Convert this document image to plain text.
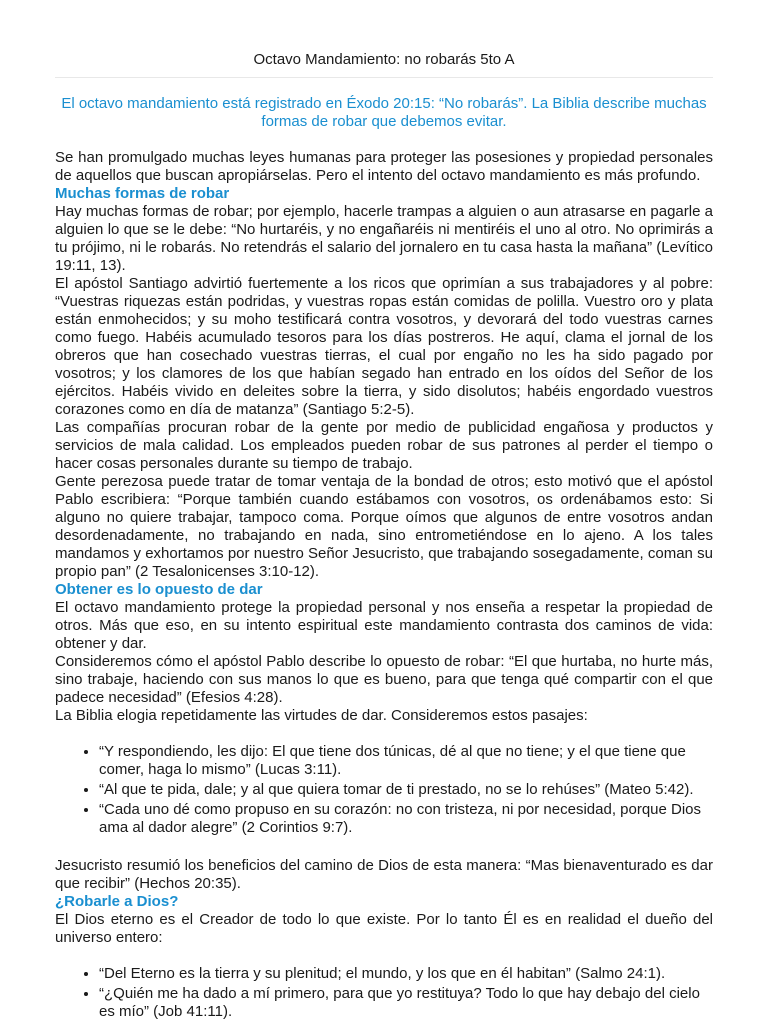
Octavo Mandamiento: no robarás 5to A
El octavo mandamiento está registrado en Éxodo 20:15: “No robarás”. La Biblia describe muchas formas de robar que debemos evitar.

Se han promulgado muchas leyes humanas para proteger las posesiones y propiedad personales de aquellos que buscan apropiárselas. Pero el intento del octavo mandamiento es más profundo.

Muchas formas de robar

Hay muchas formas de robar; por ejemplo, hacerle trampas a alguien o aun atrasarse en pagarle a alguien lo que se le debe: “No hurtaréis, y no engañaréis ni mentiréis el uno al otro. No oprimirás a tu prójimo, ni le robarás. No retendrás el salario del jornalero en tu casa hasta la mañana” (Levítico 19:11, 13).

El apóstol Santiago advirtió fuertemente a los ricos que oprimían a sus trabajadores y al pobre: “Vuestras riquezas están podridas, y vuestras ropas están comidas de polilla. Vuestro oro y plata están enmohecidos; y su moho testificará contra vosotros, y devorará del todo vuestras carnes como fuego. Habéis acumulado tesoros para los días postreros. He aquí, clama el jornal de los obreros que han cosechado vuestras tierras, el cual por engaño no les ha sido pagado por vosotros; y los clamores de los que habían segado han entrado en los oídos del Señor de los ejércitos. Habéis vivido en deleites sobre la tierra, y sido disolutos; habéis engordado vuestros corazones como en día de matanza” (Santiago 5:2-5).

Las compañías procuran robar de la gente por medio de publicidad engañosa y productos y servicios de mala calidad. Los empleados pueden robar de sus patrones al perder el tiempo o hacer cosas personales durante su tiempo de trabajo.

Gente perezosa puede tratar de tomar ventaja de la bondad de otros; esto motivó que el apóstol Pablo escribiera: “Porque también cuando estábamos con vosotros, os ordenábamos esto: Si alguno no quiere trabajar, tampoco coma. Porque oímos que algunos de entre vosotros andan desordenadamente, no trabajando en nada, sino entrometiéndose en lo ajeno. A los tales mandamos y exhortamos por nuestro Señor Jesucristo, que trabajando sosegadamente, coman su propio pan” (2 Tesalonicenses 3:10-12).

Obtener es lo opuesto de dar

El octavo mandamiento protege la propiedad personal y nos enseña a respetar la propiedad de otros. Más que eso, en su intento espiritual este mandamiento contrasta dos caminos de vida: obtener y dar.

Consideremos cómo el apóstol Pablo describe lo opuesto de robar: “El que hurtaba, no hurte más, sino trabaje, haciendo con sus manos lo que es bueno, para que tenga qué compartir con el que padece necesidad” (Efesios 4:28).

La Biblia elogia repetidamente las virtudes de dar. Consideremos estos pasajes:

• “Y respondiendo, les dijo: El que tiene dos túnicas, dé al que no tiene; y el que tiene que comer, haga lo mismo” (Lucas 3:11).
• “Al que te pida, dale; y al que quiera tomar de ti prestado, no se lo rehúses” (Mateo 5:42).
• “Cada uno dé como propuso en su corazón: no con tristeza, ni por necesidad, porque Dios ama al dador alegre” (2 Corintios 9:7).

Jesucristo resumió los beneficios del camino de Dios de esta manera: “Mas bienaventurado es dar que recibir” (Hechos 20:35).

¿Robarle a Dios?

El Dios eterno es el Creador de todo lo que existe. Por lo tanto Él es en realidad el dueño del universo entero:

• “Del Eterno es la tierra y su plenitud; el mundo, y los que en él habitan” (Salmo 24:1).
• “¿Quién me ha dado a mí primero, para que yo restituya? Todo lo que hay debajo del cielo es mío” (Job 41:11).
